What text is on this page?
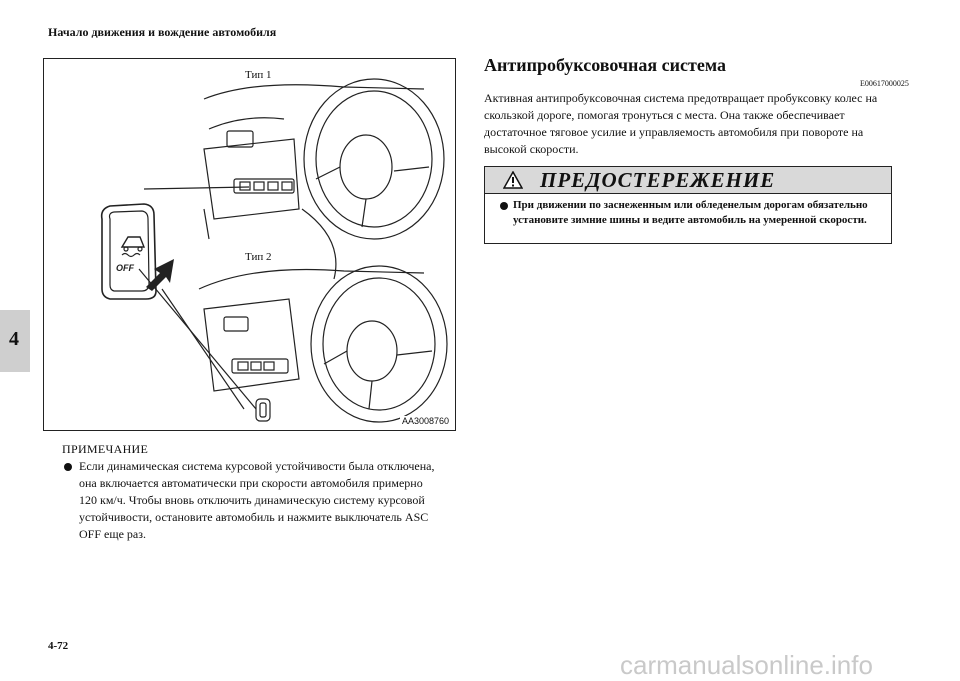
Начало движения и вождение автомобиля
4
OFF
Тип 1
Тип 2
AA3008760
ПРИМЕЧАНИЕ
Если динамическая система курсовой устойчивости была отключена, она включается автоматически при скорости автомобиля примерно 120 км/ч. Чтобы вновь отключить динамическую систему курсовой устойчивости, остановите автомобиль и нажмите выключатель ASC OFF еще раз.
Антипробуксовочная система
E00617000025
Активная антипробуксовочная система предотвращает пробуксовку колес на скользкой дороге, помогая тронуться с места. Она также обеспечивает достаточное тяговое усилие и управляемость автомобиля при повороте на высокой скорости.
ПРЕДОСТЕРЕЖЕНИЕ
При движении по заснеженным или обледенелым дорогам обязательно установите зимние шины и ведите автомобиль на умеренной скорости.
4-72
carmanualsonline.info
